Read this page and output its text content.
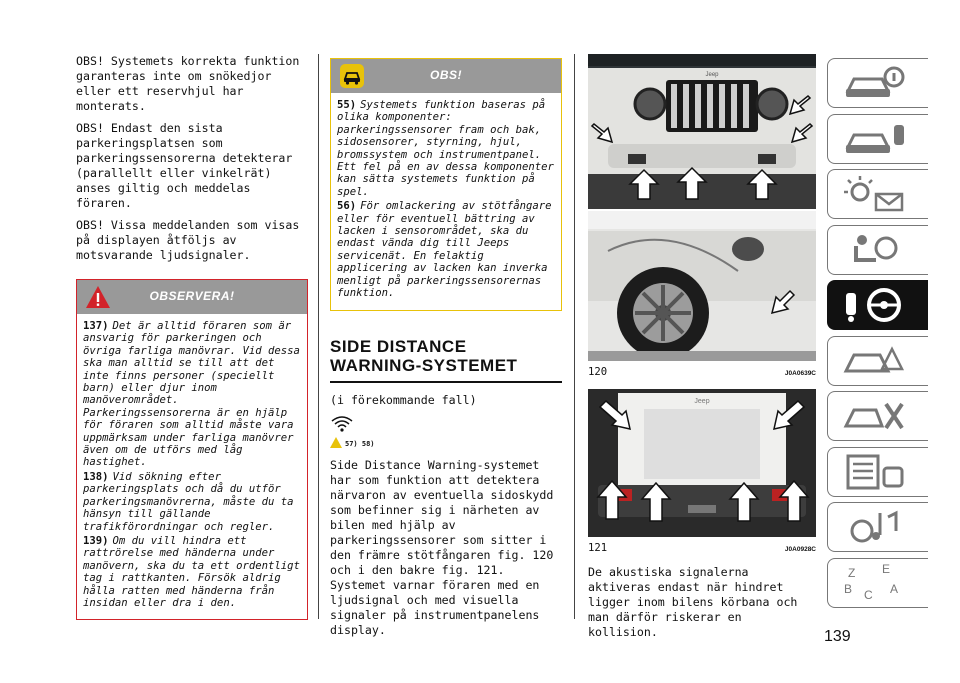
OBS! Systemets korrekta funktion garanteras inte om snökedjor eller ett reservhjul har monterats.

OBS! Endast den sista parkeringsplatsen som parkeringssensorerna detekterar (parallellt eller vinkelrät) anses giltig och meddelas föraren.

OBS! Vissa meddelanden som visas på displayen åtföljs av motsvarande ljudsignaler.

OBSERVERA!
137) Det är alltid föraren som är ansvarig för parkeringen och övriga farliga manövrar. Vid dessa ska man alltid se till att det inte finns personer (speciellt barn) eller djur inom manöverområdet. Parkeringssensorerna är en hjälp för föraren som alltid måste vara uppmärksam under farliga manövrer även om de utförs med låg hastighet.
138) Vid sökning efter parkeringsplats och då du utför parkeringsmanövrerna, måste du ta hänsyn till gällande trafikförordningar och regler.
139) Om du vill hindra ett rattrörelse med händerna under manövern, ska du ta ett ordentligt tag i rattkanten. Försök aldrig hålla ratten med händerna från insidan eller dra i den.
OBS!
55) Systemets funktion baseras på olika komponenter: parkeringssensorer fram och bak, sidosensorer, styrning, hjul, bromssystem och instrumentpanel. Ett fel på en av dessa komponenter kan sätta systemets funktion på spel.
56) För omlackering av stötfångare eller för eventuell bättring av lacken i sensorområdet, ska du endast vända dig till Jeeps servicenät. En felaktig applicering av lacken kan inverka menligt på parkeringssensorernas funktion.
SIDE DISTANCE
WARNING-SYSTEMET

(i förekommande fall)

57) 58)

Side Distance Warning-systemet har som funktion att detektera närvaron av eventuella sidoskydd som befinner sig i närheten av bilen med hjälp av parkeringssensorer som sitter i den främre stötfångaren fig. 120 och i den bakre fig. 121.

Systemet varnar föraren med en ljudsignal och med visuella signaler på instrumentpanelens display.

Jeep
120	J0A0639C
Jeep
121	J0A0928C

De akustiska signalerna aktiveras endast när hindret ligger inom bilens körbana och man därför riskerar en kollision.

Z E
B C A
139
